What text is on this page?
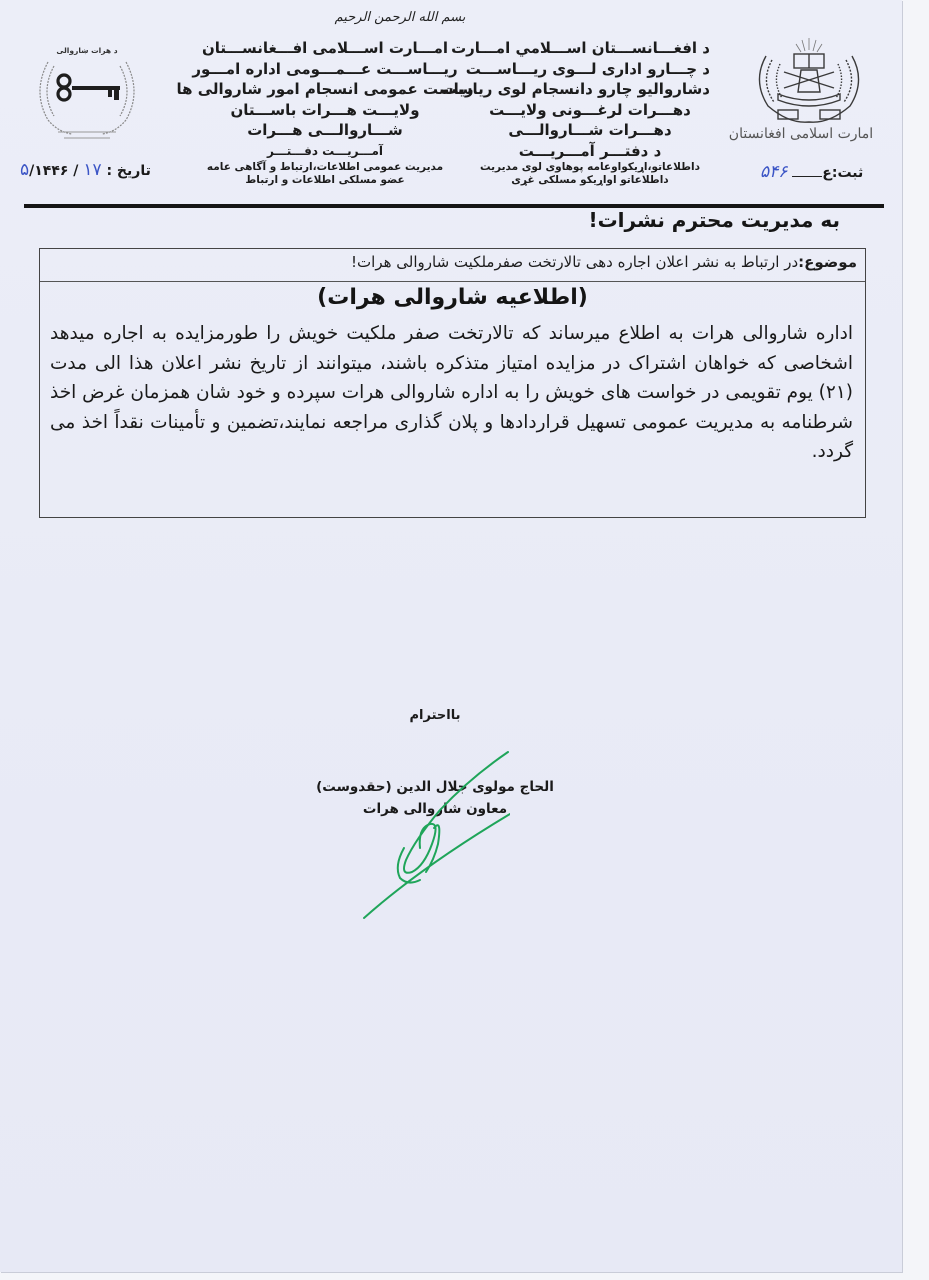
بسم الله الرحمن الرحیم
امارت اسلامی افغانستان
ثبت:ع ۵۴۶
د افغـــانســـتان اســـلامي امـــارت
د چـــارو اداری لـــوی ریـــاســـت
دشاروالیو چارو دانسجام لوی ریاست
دهـــرات لرغـــونی ولایـــت
دهـــرات شـــاروالـــی
د دفتـــر آمـــریـــت
داطلاعاتو،اړیکواوعامه پوهاوی لوی مدیریت
داطلاعاتو اواړیکو مسلکی غړی
امـــارت اســـلامی افـــغانســـتان
ریـــاســـت عـــمـــومی اداره امـــور
ریاست عمومی انسجام امور شاروالی ها
ولایـــت هـــرات باســـتان
شـــاروالـــی هـــرات
آمـــریـــت دفـــتـــر
مدیریت عمومی اطلاعات،ارتباط و آگاهی عامه
عضو مسلکی اطلاعات و ارتباط
د هرات ښاروالی
تاریخ : ۱۷ / ۵/۱۴۴۶
به مدیریت محترم نشرات!
موضوع:در ارتباط به نشر اعلان اجاره دهی تالارتخت صفرملکیت شاروالی هرات!
(اطلاعیه شاروالی هرات)
اداره شاروالی هرات به اطلاع میرساند که تالارتخت صفر ملکیت خویش را طورمزایده به اجاره میدهد اشخاصی که خواهان اشتراک در مزایده امتیاز متذکره باشند، میتوانند از تاریخ نشر اعلان هذا الی مدت (۲۱) یوم تقویمی در خواست های خویش را به اداره شاروالی هرات سپرده و خود شان همزمان غرض اخذ شرطنامه به مدیریت عمومی تسهیل قراردادها و پلان گذاری مراجعه نمایند،تضمین و تأمینات نقداً اخذ می گردد.
بااحترام
الحاج مولوی جلال الدین (حقدوست)
معاون شاروالی هرات
